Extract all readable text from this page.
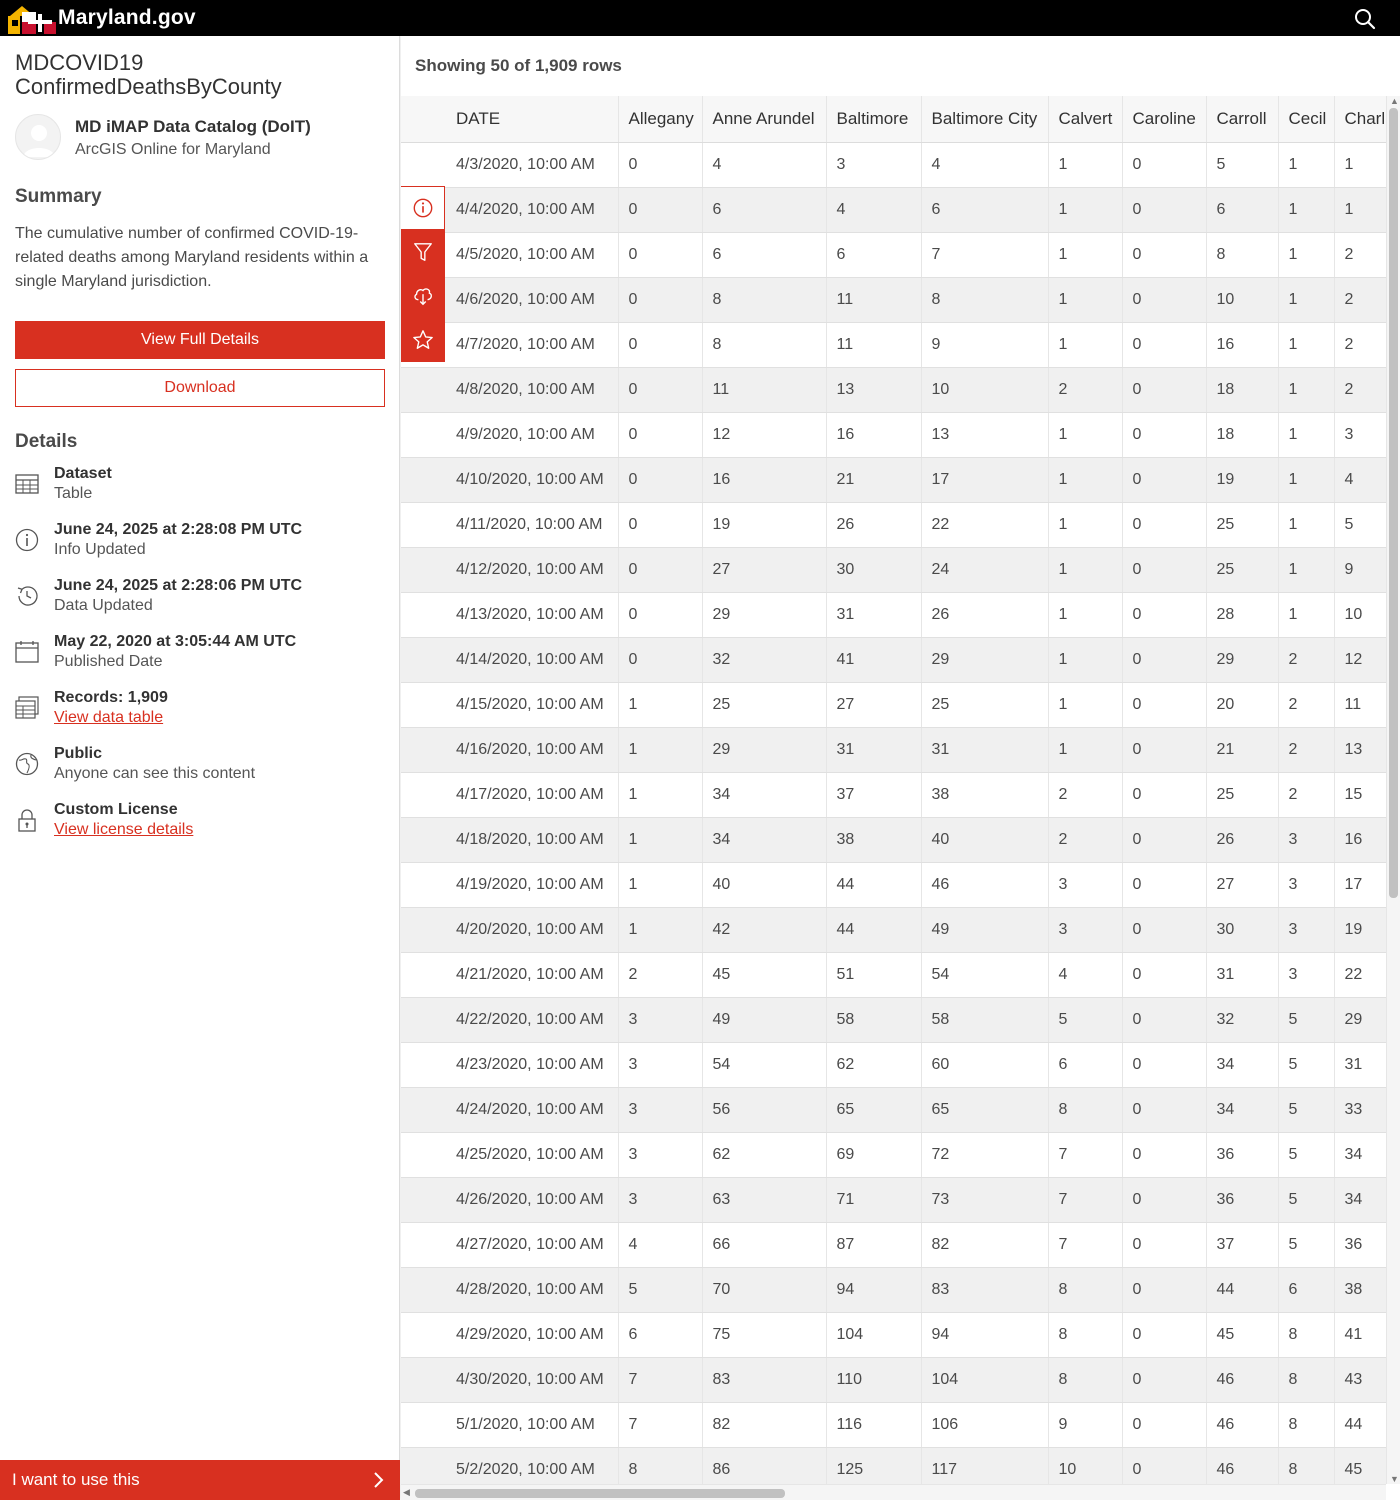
Maryland.gov
MDCOVID19 ConfirmedDeathsByCounty
MD iMAP Data Catalog (DoIT)
ArcGIS Online for Maryland
Summary
The cumulative number of confirmed COVID-19-related deaths among Maryland residents within a single Maryland jurisdiction.
View Full Details
Download
Details
Dataset
Table
June 24, 2025 at 2:28:08 PM UTC
Info Updated
June 24, 2025 at 2:28:06 PM UTC
Data Updated
May 22, 2020 at 3:05:44 AM UTC
Published Date
Records: 1,909
View data table
Public
Anyone can see this content
Custom License
View license details
I want to use this
Showing 50 of 1,909 rows
	DATE	Allegany	Anne Arundel	Baltimore	Baltimore City	Calvert	Caroline	Carroll	Cecil	Charl
	4/3/2020, 10:00 AM	0	4	3	4	1	0	5	1	1
	4/4/2020, 10:00 AM	0	6	4	6	1	0	6	1	1
	4/5/2020, 10:00 AM	0	6	6	7	1	0	8	1	2
	4/6/2020, 10:00 AM	0	8	11	8	1	0	10	1	2
	4/7/2020, 10:00 AM	0	8	11	9	1	0	16	1	2
	4/8/2020, 10:00 AM	0	11	13	10	2	0	18	1	2
	4/9/2020, 10:00 AM	0	12	16	13	1	0	18	1	3
	4/10/2020, 10:00 AM	0	16	21	17	1	0	19	1	4
	4/11/2020, 10:00 AM	0	19	26	22	1	0	25	1	5
	4/12/2020, 10:00 AM	0	27	30	24	1	0	25	1	9
	4/13/2020, 10:00 AM	0	29	31	26	1	0	28	1	10
	4/14/2020, 10:00 AM	0	32	41	29	1	0	29	2	12
	4/15/2020, 10:00 AM	1	25	27	25	1	0	20	2	11
	4/16/2020, 10:00 AM	1	29	31	31	1	0	21	2	13
	4/17/2020, 10:00 AM	1	34	37	38	2	0	25	2	15
	4/18/2020, 10:00 AM	1	34	38	40	2	0	26	3	16
	4/19/2020, 10:00 AM	1	40	44	46	3	0	27	3	17
	4/20/2020, 10:00 AM	1	42	44	49	3	0	30	3	19
	4/21/2020, 10:00 AM	2	45	51	54	4	0	31	3	22
	4/22/2020, 10:00 AM	3	49	58	58	5	0	32	5	29
	4/23/2020, 10:00 AM	3	54	62	60	6	0	34	5	31
	4/24/2020, 10:00 AM	3	56	65	65	8	0	34	5	33
	4/25/2020, 10:00 AM	3	62	69	72	7	0	36	5	34
	4/26/2020, 10:00 AM	3	63	71	73	7	0	36	5	34
	4/27/2020, 10:00 AM	4	66	87	82	7	0	37	5	36
	4/28/2020, 10:00 AM	5	70	94	83	8	0	44	6	38
	4/29/2020, 10:00 AM	6	75	104	94	8	0	45	8	41
	4/30/2020, 10:00 AM	7	83	110	104	8	0	46	8	43
	5/1/2020, 10:00 AM	7	82	116	106	9	0	46	8	44
	5/2/2020, 10:00 AM	8	86	125	117	10	0	46	8	45
▲
▼
◀
